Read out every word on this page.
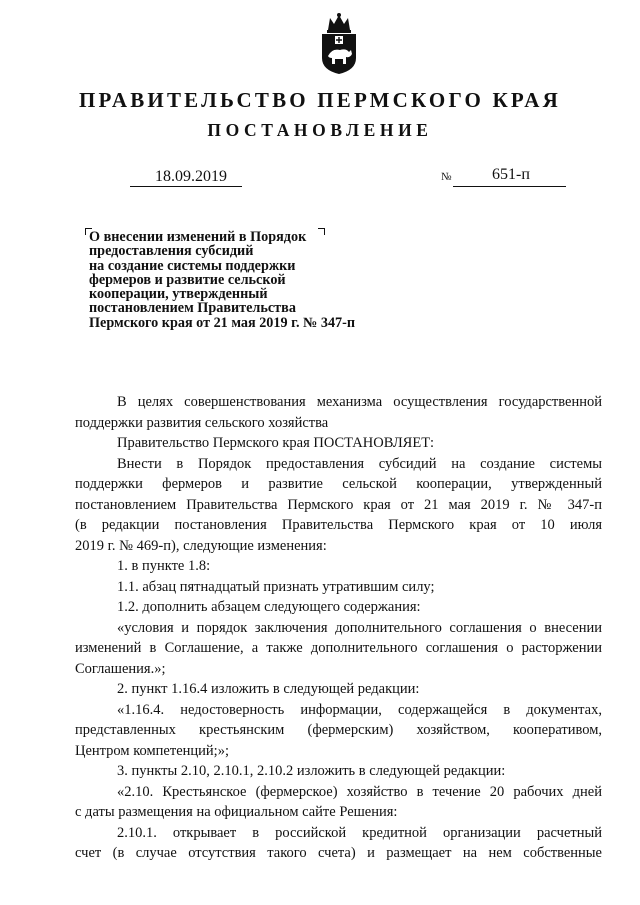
ПРАВИТЕЛЬСТВО ПЕРМСКОГО КРАЯ
ПОСТАНОВЛЕНИЕ
18.09.2019	№	651-п
О внесении изменений в Порядок
предоставления субсидий
на создание системы поддержки
фермеров и развитие сельской
кооперации, утвержденный
постановлением Правительства
Пермского края от 21 мая 2019 г. № 347-п
В целях совершенствования механизма осуществления государственной
поддержки развития сельского хозяйства
Правительство Пермского края ПОСТАНОВЛЯЕТ:
Внести в Порядок предоставления субсидий на создание системы
поддержки фермеров и развитие сельской кооперации, утвержденный
постановлением Правительства Пермского края от 21 мая 2019 г. № 347-п
(в редакции постановления Правительства Пермского края от 10 июля
2019 г. № 469-п), следующие изменения:
1. в пункте 1.8:
1.1. абзац пятнадцатый признать утратившим силу;
1.2. дополнить абзацем следующего содержания:
«условия и порядок заключения дополнительного соглашения о внесении
изменений в Соглашение, а также дополнительного соглашения о расторжении
Соглашения.»;
2. пункт 1.16.4 изложить в следующей редакции:
«1.16.4. недостоверность информации, содержащейся в документах,
представленных крестьянским (фермерским) хозяйством, кооперативом,
Центром компетенций;»;
3. пункты 2.10, 2.10.1, 2.10.2 изложить в следующей редакции:
«2.10. Крестьянское (фермерское) хозяйство в течение 20 рабочих дней
с даты размещения на официальном сайте Решения:
2.10.1. открывает в российской кредитной организации расчетный
счет (в случае отсутствия такого счета) и размещает на нем собственные
